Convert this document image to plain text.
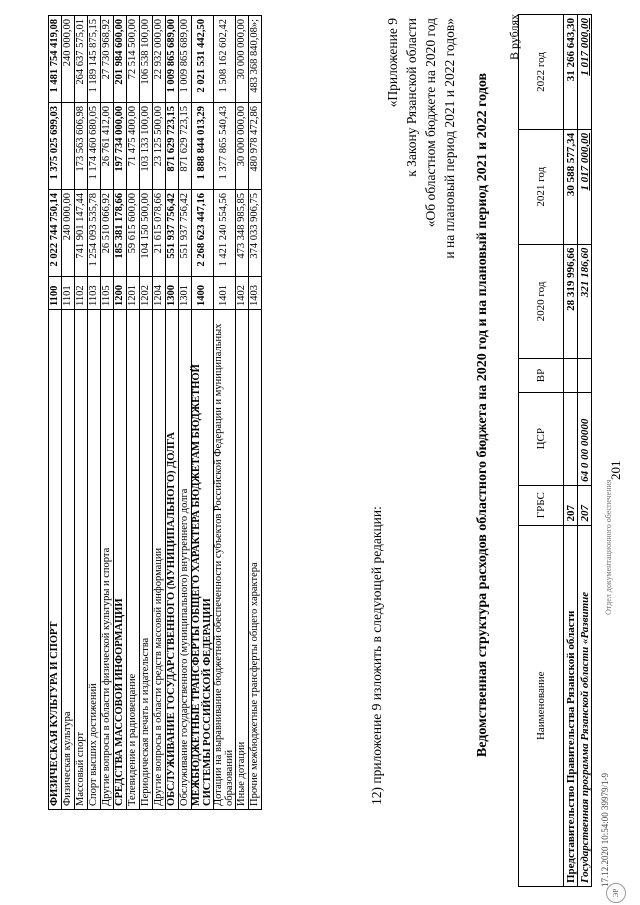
201
ФИЗИЧЕСКАЯ КУЛЬТУРА И СПОРТ	1100	2 022 744 750,14	1 375 025 699,03	1 481 754 419,08
Физическая культура	1101	240 000,00		240 000,00
Массовый спорт	1102	741 901 147,44	173 563 606,98	264 637 575,01
Спорт высших достижений	1103	1 254 093 535,78	1 174 460 680,05	1 189 145 875,15
Другие вопросы в области физической культуры и спорта	1105	26 510 066,92	26 761 412,00	27 730 968,92
СРЕДСТВА МАССОВОЙ ИНФОРМАЦИИ	1200	185 381 178,66	197 734 000,00	201 984 600,00
Телевидение и радиовещание	1201	59 615 600,00	71 475 400,00	72 514 500,00
Периодическая печать и издательства	1202	104 150 500,00	103 133 100,00	106 538 100,00
Другие вопросы в области средств массовой информации	1204	21 615 078,66	23 125 500,00	22 932 000,00
ОБСЛУЖИВАНИЕ ГОСУДАРСТВЕННОГО (МУНИЦИПАЛЬНОГО) ДОЛГА	1300	551 937 756,42	871 629 723,15	1 009 865 689,00
Обслуживание государственного (муниципального) внутреннего долга	1301	551 937 756,42	871 629 723,15	1 009 865 689,00
МЕЖБЮДЖЕТНЫЕ ТРАНСФЕРТЫ ОБЩЕГО ХАРАКТЕРА БЮДЖЕТАМ БЮДЖЕТНОЙ СИСТЕМЫ РОССИЙСКОЙ ФЕДЕРАЦИИ	1400	2 268 623 447,16	1 888 844 013,29	2 021 531 442,50
Дотации на выравнивание бюджетной обеспеченности субъектов Российской Федерации и муниципальных образований	1401	1 421 240 554,56	1 377 865 540,43	1 508 162 602,42
Иные дотации	1402	473 348 985,85	30 000 000,00	30 000 000,00
Прочие межбюджетные трансферты общего характера	1403	374 033 906,75	480 978 472,86	483 368 840,08»;
12) приложение 9 изложить в следующей редакции:
«Приложение 9 к Закону Рязанской области «Об областном бюджете на 2020 год и на плановый период 2021 и 2022 годов» Ведомственная структура расходов областного бюджета на 2020 год и на плановый период 2021 и 2022 годов
В рублях
Наименование	ГРБС	ЦСР	ВР	2020 год	2021 год	2022 год
Представительство Правительства Рязанской области	207			28 319 996,66	30 588 577,34	31 266 643,30
Государственная программа Рязанской области «Развитие	207	64 0 00 00000		321 186,60	1 017 000,00	1 017 000,00
ЭР
17.12.2020 10:54:00 39979/1-9
Отдел документационного обеспечения
